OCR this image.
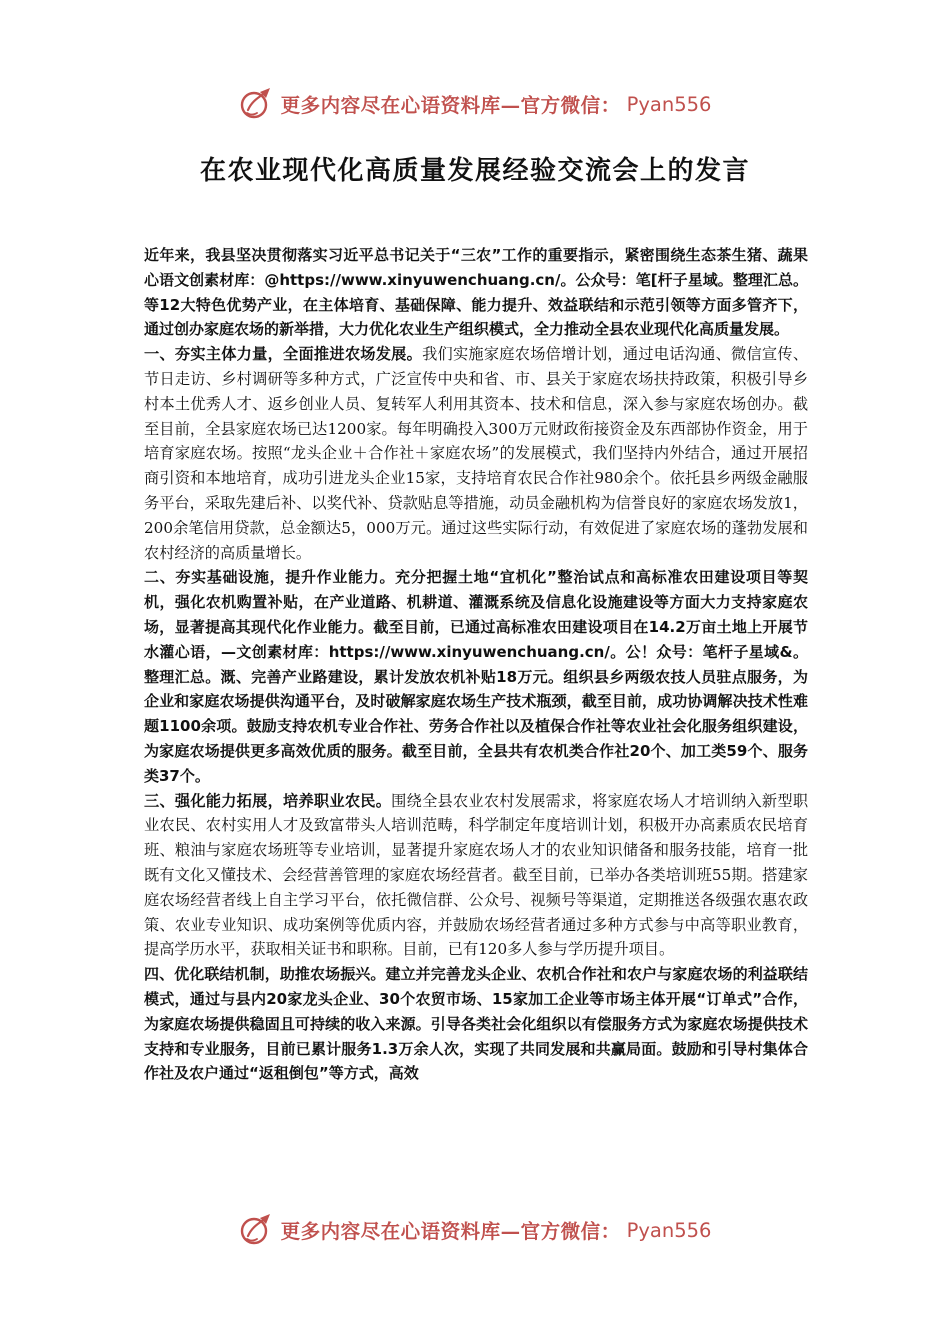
更多内容尽在心语资料库—官方微信： Pyan556
在农业现代化高质量发展经验交流会上的发言

近年来，我县坚决贯彻落实习近平总书记关于“三农”工作的重要指示，紧密围绕生态茶生猪、蔬果心语文创素材库：@https://www.xinyuwenchuang.cn/。公众号：笔[杆子星域。整理汇总。等12大特色优势产业，在主体培育、基础保障、能力提升、效益联结和示范引领等方面多管齐下，通过创办家庭农场的新举措，大力优化农业生产组织模式，全力推动全县农业现代化高质量发展。

一、夯实主体力量，全面推进农场发展。我们实施家庭农场倍增计划，通过电话沟通、微信宣传、节日走访、乡村调研等多种方式，广泛宣传中央和省、市、县关于家庭农场扶持政策，积极引导乡村本土优秀人才、返乡创业人员、复转军人利用其资本、技术和信息，深入参与家庭农场创办。截至目前，全县家庭农场已达1200家。每年明确投入300万元财政衔接资金及东西部协作资金，用于培育家庭农场。按照“龙头企业＋合作社＋家庭农场”的发展模式，我们坚持内外结合，通过开展招商引资和本地培育，成功引进龙头企业15家，支持培育农民合作社980余个。依托县乡两级金融服务平台，采取先建后补、以奖代补、贷款贴息等措施，动员金融机构为信誉良好的家庭农场发放1，200余笔信用贷款，总金额达5，000万元。通过这些实际行动，有效促进了家庭农场的蓬勃发展和农村经济的高质量增长。

二、夯实基础设施，提升作业能力。充分把握土地“宜机化”整治试点和高标准农田建设项目等契机，强化农机购置补贴，在产业道路、机耕道、灌溉系统及信息化设施建设等方面大力支持家庭农场，显著提高其现代化作业能力。截至目前，已通过高标准农田建设项目在14.2万亩土地上开展节水灌心语，—文创素材库：https://www.xinyuwenchuang.cn/。公！众号：笔杆子星域&。整理汇总。溉、完善产业路建设，累计发放农机补贴18万元。组织县乡两级农技人员驻点服务，为企业和家庭农场提供沟通平台，及时破解家庭农场生产技术瓶颈，截至目前，成功协调解决技术性难题1100余项。鼓励支持农机专业合作社、劳务合作社以及植保合作社等农业社会化服务组织建设，为家庭农场提供更多高效优质的服务。截至目前，全县共有农机类合作社20个、加工类59个、服务类37个。

三、强化能力拓展，培养职业农民。围绕全县农业农村发展需求，将家庭农场人才培训纳入新型职业农民、农村实用人才及致富带头人培训范畴，科学制定年度培训计划，积极开办高素质农民培育班、粮油与家庭农场班等专业培训，显著提升家庭农场人才的农业知识储备和服务技能，培育一批既有文化又懂技术、会经营善管理的家庭农场经营者。截至目前，已举办各类培训班55期。搭建家庭农场经营者线上自主学习平台，依托微信群、公众号、视频号等渠道，定期推送各级强农惠农政策、农业专业知识、成功案例等优质内容，并鼓励农场经营者通过多种方式参与中高等职业教育，提高学历水平，获取相关证书和职称。目前，已有120多人参与学历提升项目。

四、优化联结机制，助推农场振兴。建立并完善龙头企业、农机合作社和农户与家庭农场的利益联结模式，通过与县内20家龙头企业、30个农贸市场、15家加工企业等市场主体开展“订单式”合作，为家庭农场提供稳固且可持续的收入来源。引导各类社会化组织以有偿服务方式为家庭农场提供技术支持和专业服务，目前已累计服务1.3万余人次，实现了共同发展和共赢局面。鼓励和引导村集体合作社及农户通过“返租倒包”等方式，高效

更多内容尽在心语资料库—官方微信： Pyan556
